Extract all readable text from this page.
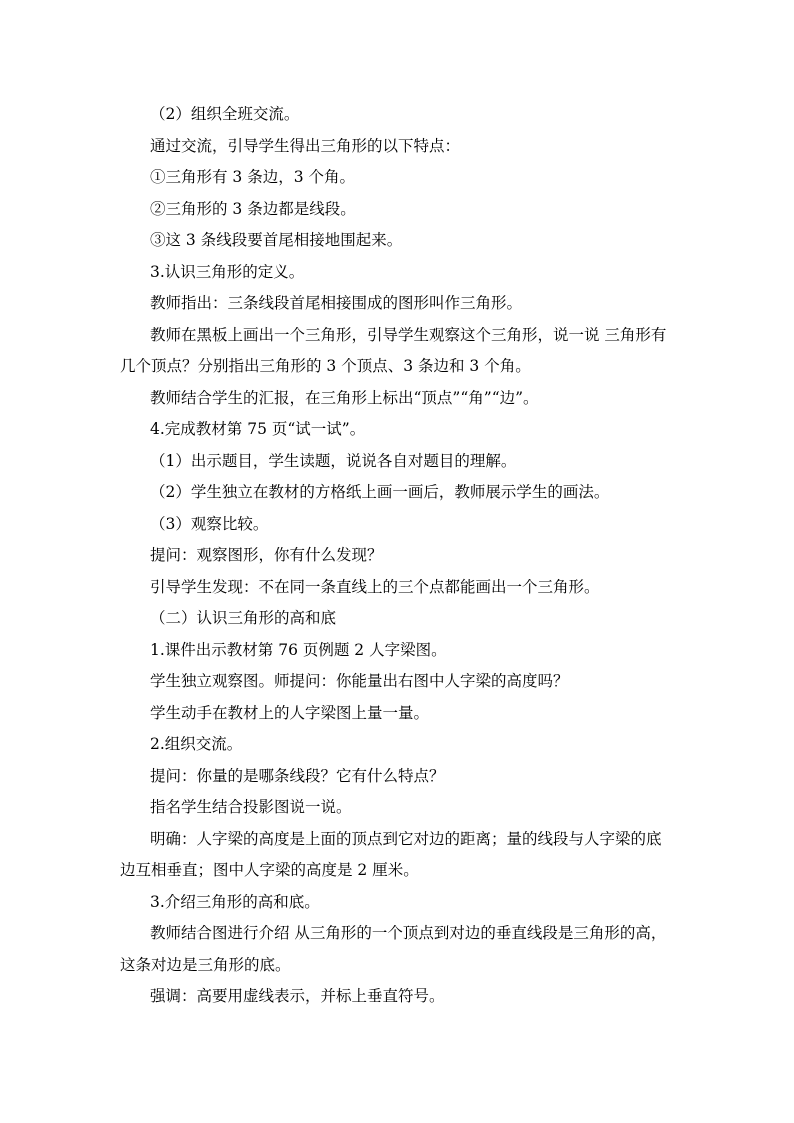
（2）组织全班交流。

通过交流，引导学生得出三角形的以下特点：

①三角形有 3 条边，3 个角。

②三角形的 3 条边都是线段。

③这 3 条线段要首尾相接地围起来。

3.认识三角形的定义。

教师指出：三条线段首尾相接围成的图形叫作三角形。

教师在黑板上画出一个三角形，引导学生观察这个三角形，说一说 三角形有几个顶点？分别指出三角形的 3 个顶点、3 条边和 3 个角。

教师结合学生的汇报，在三角形上标出“顶点”“角”“边”。

4.完成教材第 75 页“试一试”。

（1）出示题目，学生读题，说说各自对题目的理解。

（2）学生独立在教材的方格纸上画一画后，教师展示学生的画法。

（3）观察比较。

提问：观察图形，你有什么发现？

引导学生发现：不在同一条直线上的三个点都能画出一个三角形。

（二）认识三角形的高和底

1.课件出示教材第 76 页例题 2 人字梁图。

学生独立观察图。师提问：你能量出右图中人字梁的高度吗？

学生动手在教材上的人字梁图上量一量。

2.组织交流。

提问：你量的是哪条线段？它有什么特点？

指名学生结合投影图说一说。

明确：人字梁的高度是上面的顶点到它对边的距离；量的线段与人字梁的底边互相垂直；图中人字梁的高度是 2 厘米。

3.介绍三角形的高和底。

教师结合图进行介绍 从三角形的一个顶点到对边的垂直线段是三角形的高，这条对边是三角形的底。

强调：高要用虚线表示，并标上垂直符号。
